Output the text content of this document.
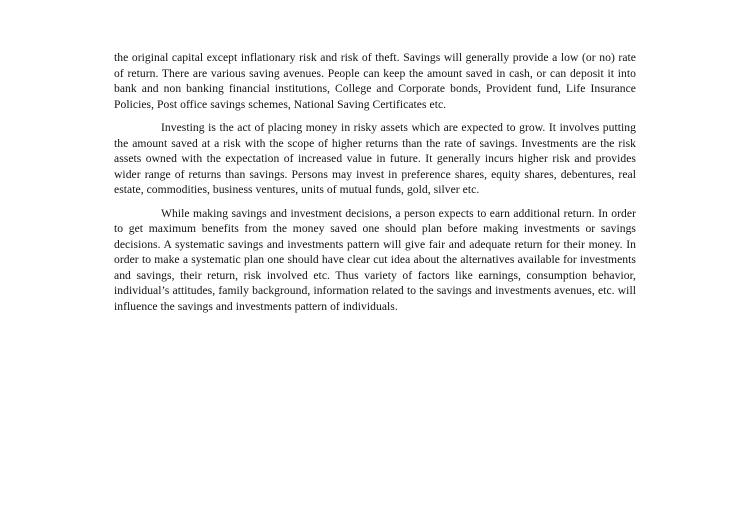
the original capital except inflationary risk and risk of theft. Savings will generally provide a low (or no) rate of return. There are various saving avenues. People can keep the amount saved in cash, or can deposit it into bank and non banking financial institutions, College and Corporate bonds, Provident fund, Life Insurance Policies, Post office savings schemes, National Saving Certificates etc.

Investing is the act of placing money in risky assets which are expected to grow. It involves putting the amount saved at a risk with the scope of higher returns than the rate of savings. Investments are the risk assets owned with the expectation of increased value in future. It generally incurs higher risk and provides wider range of returns than savings. Persons may invest in preference shares, equity shares, debentures, real estate, commodities, business ventures, units of mutual funds, gold, silver etc.

While making savings and investment decisions, a person expects to earn additional return. In order to get maximum benefits from the money saved one should plan before making investments or savings decisions. A systematic savings and investments pattern will give fair and adequate return for their money. In order to make a systematic plan one should have clear cut idea about the alternatives available for investments and savings, their return, risk involved etc. Thus variety of factors like earnings, consumption behavior, individual’s attitudes, family background, information related to the savings and investments avenues, etc. will influence the savings and investments pattern of individuals.
